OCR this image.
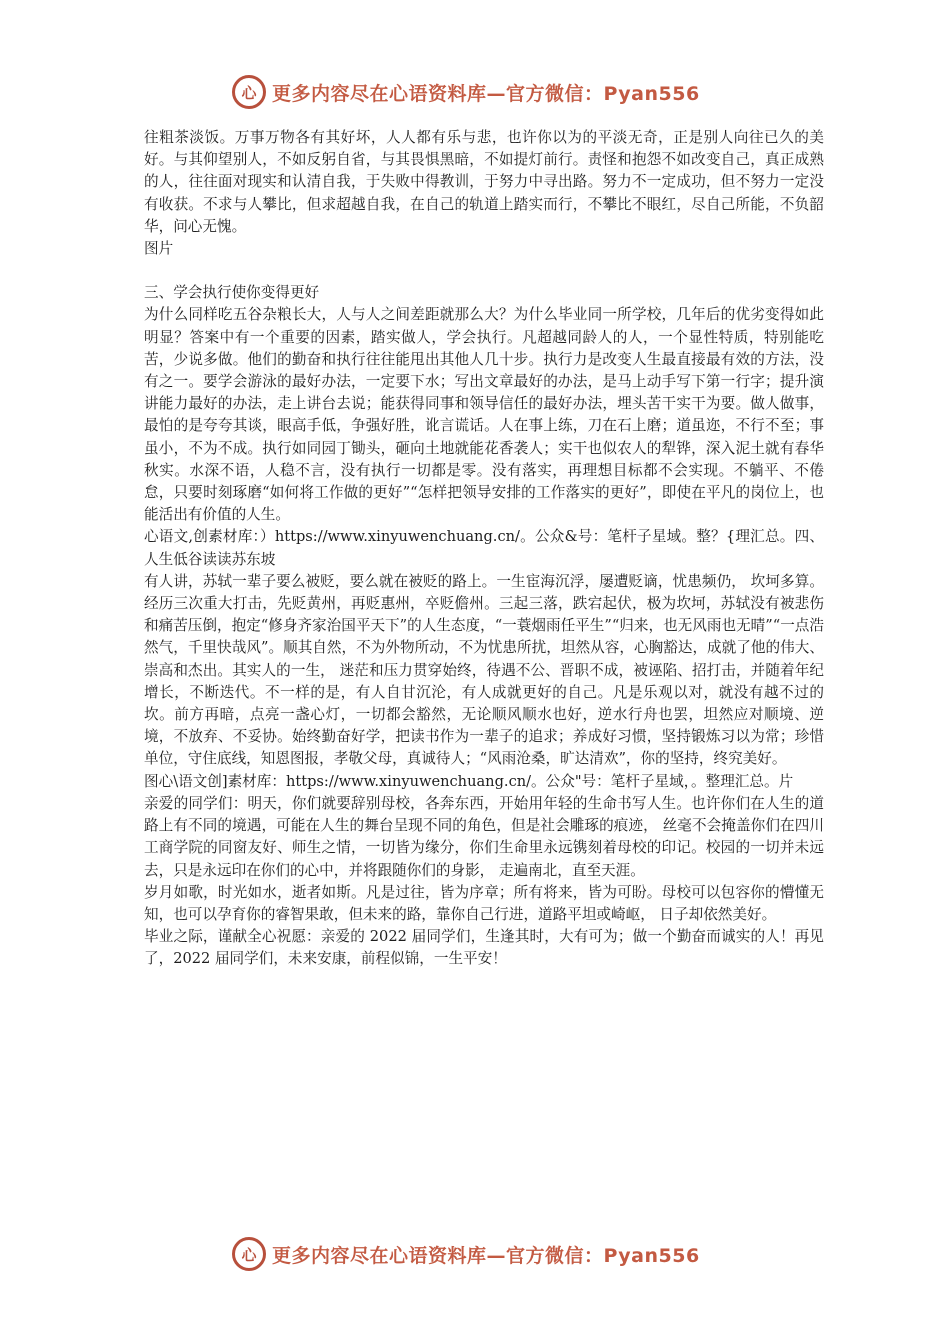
心 更多内容尽在心语资料库—官方微信：Pyan556

往粗茶淡饭。万事万物各有其好坏，人人都有乐与悲，也许你以为的平淡无奇，正是别人向往已久的美好。与其仰望别人，不如反躬自省，与其畏惧黑暗，不如提灯前行。责怪和抱怨不如改变自己，真正成熟的人，往往面对现实和认清自我，于失败中得教训，于努力中寻出路。努力不一定成功，但不努力一定没有收获。不求与人攀比，但求超越自我，在自己的轨道上踏实而行，不攀比不眼红，尽自己所能，不负韶华，问心无愧。

图片

三、学会执行使你变得更好

为什么同样吃五谷杂粮长大，人与人之间差距就那么大？为什么毕业同一所学校，几年后的优劣变得如此明显？答案中有一个重要的因素，踏实做人，学会执行。凡超越同龄人的人，一个显性特质，特别能吃苦，少说多做。他们的勤奋和执行往往能甩出其他人几十步。执行力是改变人生最直接最有效的方法，没有之一。要学会游泳的最好办法，一定要下水；写出文章最好的办法，是马上动手写下第一行字；提升演讲能力最好的办法，走上讲台去说；能获得同事和领导信任的最好办法，埋头苦干实干为要。做人做事，最怕的是夸夸其谈，眼高手低，争强好胜，讹言谎话。人在事上练，刀在石上磨；道虽迩，不行不至；事虽小，不为不成。执行如同园丁锄头，砸向土地就能花香袭人；实干也似农人的犁铧，深入泥土就有春华秋实。水深不语，人稳不言，没有执行一切都是零。没有落实，再理想目标都不会实现。不躺平、不倦怠，只要时刻琢磨“如何将工作做的更好”“怎样把领导安排的工作落实的更好”，即使在平凡的岗位上，也能活出有价值的人生。

心语文,创素材库：）https://www.xinyuwenchuang.cn/。公众&号：笔杆子星域。整？{理汇总。四、人生低谷读读苏东坡

有人讲，苏轼一辈子要么被贬，要么就在被贬的路上。一生宦海沉浮，屡遭贬谪，忧患频仍， 坎坷多算。经历三次重大打击，先贬黄州，再贬惠州，卒贬儋州。三起三落，跌宕起伏，极为坎坷，苏轼没有被悲伤和痛苦压倒，抱定“修身齐家治国平天下”的人生态度，“一蓑烟雨任平生”“归来，也无风雨也无晴”“一点浩然气，千里快哉风”。顺其自然，不为外物所动，不为忧患所扰，坦然从容，心胸豁达，成就了他的伟大、崇高和杰出。其实人的一生， 迷茫和压力贯穿始终，待遇不公、晋职不成，被诬陷、招打击，并随着年纪增长，不断迭代。不一样的是，有人自甘沉沦，有人成就更好的自己。凡是乐观以对，就没有越不过的坎。前方再暗，点亮一盏心灯，一切都会豁然，无论顺风顺水也好，逆水行舟也罢，坦然应对顺境、逆境，不放弃、不妥协。始终勤奋好学，把读书作为一辈子的追求；养成好习惯，坚持锻炼习以为常；珍惜单位，守住底线，知恩图报，孝敬父母，真诚待人；“风雨沧桑，旷达清欢”，你的坚持，终究美好。

图心\语文创]素材库：https://www.xinyuwenchuang.cn/。公众"号：笔杆子星域，。整理汇总。片

亲爱的同学们：明天，你们就要辞别母校，各奔东西，开始用年轻的生命书写人生。也许你们在人生的道路上有不同的境遇，可能在人生的舞台呈现不同的角色，但是社会雕琢的痕迹， 丝毫不会掩盖你们在四川工商学院的同窗友好、师生之情，一切皆为缘分，你们生命里永远镌刻着母校的印记。校园的一切并未远去，只是永远印在你们的心中，并将跟随你们的身影， 走遍南北，直至天涯。

岁月如歌，时光如水，逝者如斯。凡是过往，皆为序章；所有将来，皆为可盼。母校可以包容你的懵懂无知，也可以孕育你的睿智果敢，但未来的路，靠你自己行进，道路平坦或崎岖， 日子却依然美好。

毕业之际，谨献全心祝愿：亲爱的 2022 届同学们，生逢其时，大有可为；做一个勤奋而诚实的人！再见了，2022 届同学们，未来安康，前程似锦，一生平安！

心 更多内容尽在心语资料库—官方微信：Pyan556
